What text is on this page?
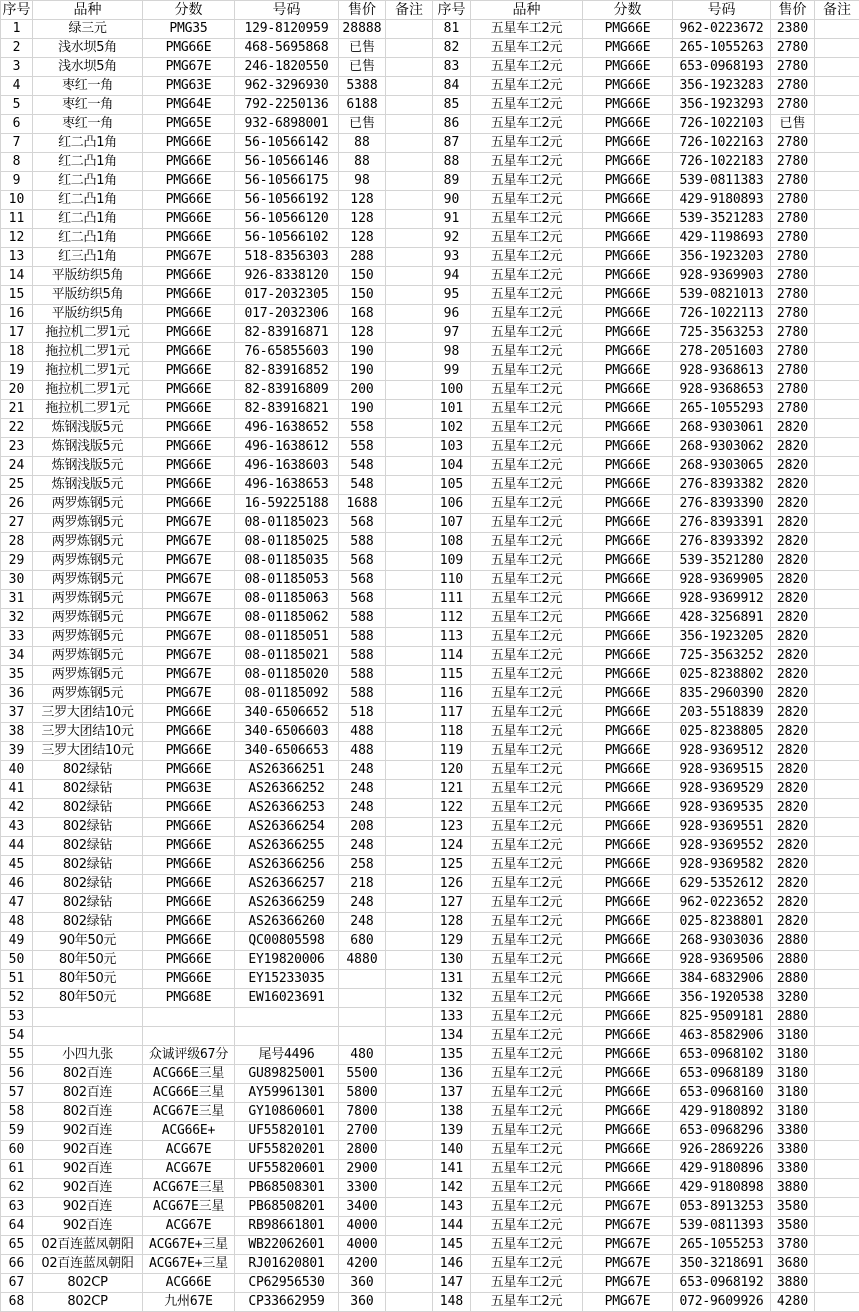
序号	品种	分数	号码	售价	备注
1	绿三元	PMG35	129-8120959	28888	
2	浅水坝5角	PMG66E	468-5695868	已售	
3	浅水坝5角	PMG67E	246-1820550	已售	
4	枣红一角	PMG63E	962-3296930	5388	
5	枣红一角	PMG64E	792-2250136	6188	
6	枣红一角	PMG65E	932-6898001	已售	
7	红二凸1角	PMG66E	56-10566142	88	
8	红二凸1角	PMG66E	56-10566146	88	
9	红二凸1角	PMG66E	56-10566175	98	
10	红二凸1角	PMG66E	56-10566192	128	
11	红二凸1角	PMG66E	56-10566120	128	
12	红二凸1角	PMG66E	56-10566102	128	
13	红三凸1角	PMG67E	518-8356303	288	
14	平版纺织5角	PMG66E	926-8338120	150	
15	平版纺织5角	PMG66E	017-2032305	150	
16	平版纺织5角	PMG66E	017-2032306	168	
17	拖拉机二罗1元	PMG66E	82-83916871	128	
18	拖拉机二罗1元	PMG66E	76-65855603	190	
19	拖拉机二罗1元	PMG66E	82-83916852	190	
20	拖拉机二罗1元	PMG66E	82-83916809	200	
21	拖拉机二罗1元	PMG66E	82-83916821	190	
22	炼钢浅版5元	PMG66E	496-1638652	558	
23	炼钢浅版5元	PMG66E	496-1638612	558	
24	炼钢浅版5元	PMG66E	496-1638603	548	
25	炼钢浅版5元	PMG66E	496-1638653	548	
26	两罗炼钢5元	PMG66E	16-59225188	1688	
27	两罗炼钢5元	PMG67E	08-01185023	568	
28	两罗炼钢5元	PMG67E	08-01185025	588	
29	两罗炼钢5元	PMG67E	08-01185035	568	
30	两罗炼钢5元	PMG67E	08-01185053	568	
31	两罗炼钢5元	PMG67E	08-01185063	568	
32	两罗炼钢5元	PMG67E	08-01185062	588	
33	两罗炼钢5元	PMG67E	08-01185051	588	
34	两罗炼钢5元	PMG67E	08-01185021	588	
35	两罗炼钢5元	PMG67E	08-01185020	588	
36	两罗炼钢5元	PMG67E	08-01185092	588	
37	三罗大团结10元	PMG66E	340-6506652	518	
38	三罗大团结10元	PMG66E	340-6506603	488	
39	三罗大团结10元	PMG66E	340-6506653	488	
40	802绿钻	PMG66E	AS26366251	248	
41	802绿钻	PMG63E	AS26366252	248	
42	802绿钻	PMG66E	AS26366253	248	
43	802绿钻	PMG66E	AS26366254	208	
44	802绿钻	PMG66E	AS26366255	248	
45	802绿钻	PMG66E	AS26366256	258	
46	802绿钻	PMG66E	AS26366257	218	
47	802绿钻	PMG66E	AS26366259	248	
48	802绿钻	PMG66E	AS26366260	248	
49	90年50元	PMG66E	QC00805598	680	
50	80年50元	PMG66E	EY19820006	4880	
51	80年50元	PMG66E	EY15233035		
52	80年50元	PMG68E	EW16023691		
53					
54					
55	小四九张	众诚评级67分	尾号4496	480	
56	802百连	ACG66E三星	GU89825001	5500	
57	802百连	ACG66E三星	AY59961301	5800	
58	802百连	ACG67E三星	GY10860601	7800	
59	902百连	ACG66E+	UF55820101	2700	
60	902百连	ACG67E	UF55820201	2800	
61	902百连	ACG67E	UF55820601	2900	
62	902百连	ACG67E三星	PB68508301	3300	
63	902百连	ACG67E三星	PB68508201	3400	
64	902百连	ACG67E	RB98661801	4000	
65	02百连蓝凤朝阳	ACG67E+三星	WB22062601	4000	
66	02百连蓝凤朝阳	ACG67E+三星	RJ01620801	4200	
67	802CP	ACG66E	CP62956530	360	
68	802CP	九州67E	CP33662959	360	
序号	品种	分数	号码	售价	备注
81	五星车工2元	PMG66E	962-0223672	2380	
82	五星车工2元	PMG66E	265-1055263	2780	
83	五星车工2元	PMG66E	653-0968193	2780	
84	五星车工2元	PMG66E	356-1923283	2780	
85	五星车工2元	PMG66E	356-1923293	2780	
86	五星车工2元	PMG66E	726-1022103	已售	
87	五星车工2元	PMG66E	726-1022163	2780	
88	五星车工2元	PMG66E	726-1022183	2780	
89	五星车工2元	PMG66E	539-0811383	2780	
90	五星车工2元	PMG66E	429-9180893	2780	
91	五星车工2元	PMG66E	539-3521283	2780	
92	五星车工2元	PMG66E	429-1198693	2780	
93	五星车工2元	PMG66E	356-1923203	2780	
94	五星车工2元	PMG66E	928-9369903	2780	
95	五星车工2元	PMG66E	539-0821013	2780	
96	五星车工2元	PMG66E	726-1022113	2780	
97	五星车工2元	PMG66E	725-3563253	2780	
98	五星车工2元	PMG66E	278-2051603	2780	
99	五星车工2元	PMG66E	928-9368613	2780	
100	五星车工2元	PMG66E	928-9368653	2780	
101	五星车工2元	PMG66E	265-1055293	2780	
102	五星车工2元	PMG66E	268-9303061	2820	
103	五星车工2元	PMG66E	268-9303062	2820	
104	五星车工2元	PMG66E	268-9303065	2820	
105	五星车工2元	PMG66E	276-8393382	2820	
106	五星车工2元	PMG66E	276-8393390	2820	
107	五星车工2元	PMG66E	276-8393391	2820	
108	五星车工2元	PMG66E	276-8393392	2820	
109	五星车工2元	PMG66E	539-3521280	2820	
110	五星车工2元	PMG66E	928-9369905	2820	
111	五星车工2元	PMG66E	928-9369912	2820	
112	五星车工2元	PMG66E	428-3256891	2820	
113	五星车工2元	PMG66E	356-1923205	2820	
114	五星车工2元	PMG66E	725-3563252	2820	
115	五星车工2元	PMG66E	025-8238802	2820	
116	五星车工2元	PMG66E	835-2960390	2820	
117	五星车工2元	PMG66E	203-5518839	2820	
118	五星车工2元	PMG66E	025-8238805	2820	
119	五星车工2元	PMG66E	928-9369512	2820	
120	五星车工2元	PMG66E	928-9369515	2820	
121	五星车工2元	PMG66E	928-9369529	2820	
122	五星车工2元	PMG66E	928-9369535	2820	
123	五星车工2元	PMG66E	928-9369551	2820	
124	五星车工2元	PMG66E	928-9369552	2820	
125	五星车工2元	PMG66E	928-9369582	2820	
126	五星车工2元	PMG66E	629-5352612	2820	
127	五星车工2元	PMG66E	962-0223652	2820	
128	五星车工2元	PMG66E	025-8238801	2820	
129	五星车工2元	PMG66E	268-9303036	2880	
130	五星车工2元	PMG66E	928-9369506	2880	
131	五星车工2元	PMG66E	384-6832906	2880	
132	五星车工2元	PMG66E	356-1920538	3280	
133	五星车工2元	PMG66E	825-9509181	2880	
134	五星车工2元	PMG66E	463-8582906	3180	
135	五星车工2元	PMG66E	653-0968102	3180	
136	五星车工2元	PMG66E	653-0968189	3180	
137	五星车工2元	PMG66E	653-0968160	3180	
138	五星车工2元	PMG66E	429-9180892	3180	
139	五星车工2元	PMG66E	653-0968296	3380	
140	五星车工2元	PMG66E	926-2869226	3380	
141	五星车工2元	PMG66E	429-9180896	3380	
142	五星车工2元	PMG66E	429-9180898	3880	
143	五星车工2元	PMG67E	053-8913253	3580	
144	五星车工2元	PMG67E	539-0811393	3580	
145	五星车工2元	PMG67E	265-1055253	3780	
146	五星车工2元	PMG67E	350-3218691	3680	
147	五星车工2元	PMG67E	653-0968192	3880	
148	五星车工2元	PMG67E	072-9609926	4280	
